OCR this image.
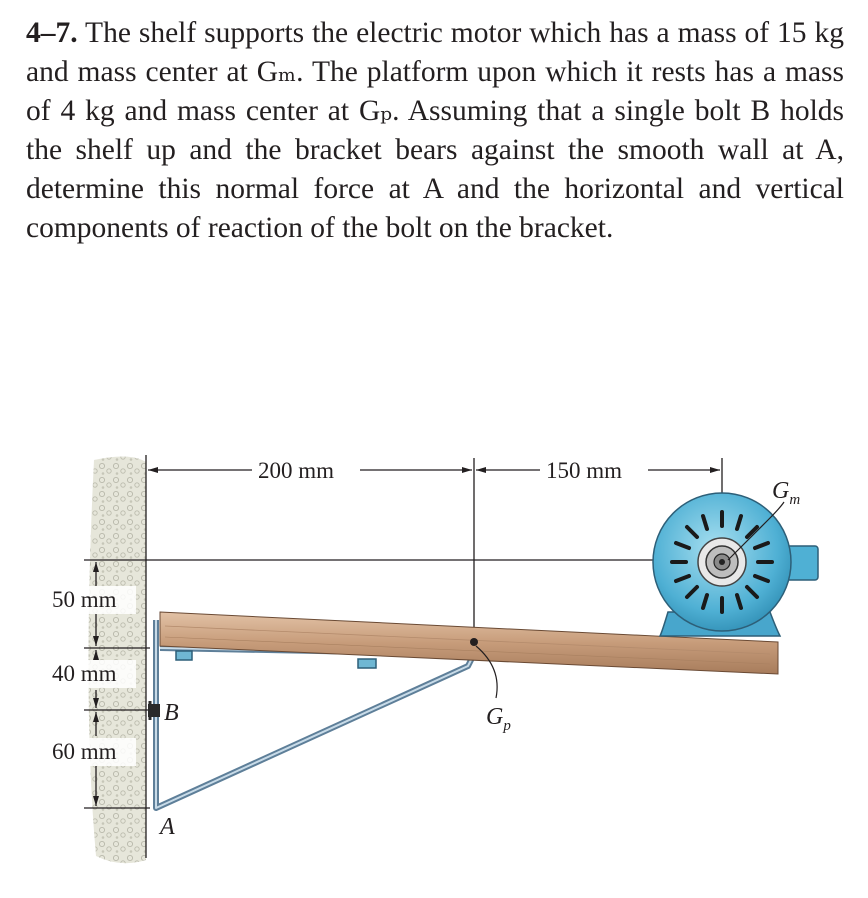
4–7. The shelf supports the electric motor which has a mass of 15 kg and mass center at Gₘ. The platform upon which it rests has a mass of 4 kg and mass center at Gₚ. Assuming that a single bolt B holds the shelf up and the bracket bears against the smooth wall at A, determine this normal force at A and the horizontal and vertical components of reaction of the bolt on the bracket.
200 mm	150 mm
50 mm
40 mm
60 mm
B
A
$G_p$
$G_m$
